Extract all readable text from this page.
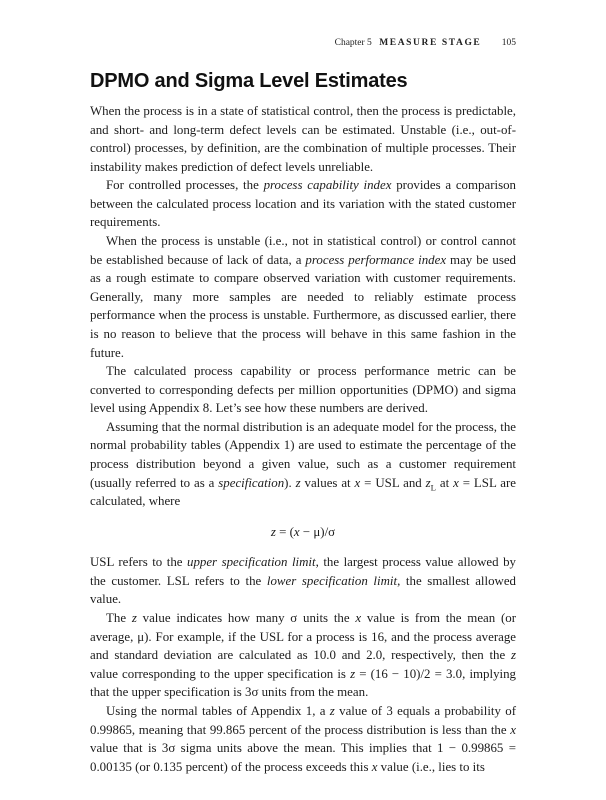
Chapter 5 MEASURE STAGE 105
DPMO and Sigma Level Estimates

When the process is in a state of statistical control, then the process is predictable, and short- and long-term defect levels can be estimated. Unstable (i.e., out-of-control) processes, by definition, are the combination of multiple processes. Their instability makes prediction of defect levels unreliable.

For controlled processes, the process capability index provides a comparison between the calculated process location and its variation with the stated customer requirements.

When the process is unstable (i.e., not in statistical control) or control cannot be established because of lack of data, a process performance index may be used as a rough estimate to compare observed variation with customer requirements. Generally, many more samples are needed to reliably estimate process performance when the process is unstable. Furthermore, as discussed earlier, there is no reason to believe that the process will behave in this same fashion in the future.

The calculated process capability or process performance metric can be converted to corresponding defects per million opportunities (DPMO) and sigma level using Appendix 8. Let’s see how these numbers are derived.

Assuming that the normal distribution is an adequate model for the process, the normal probability tables (Appendix 1) are used to estimate the percentage of the process distribution beyond a given value, such as a customer requirement (usually referred to as a specification). z values at x = USL and $z_L$ at x = LSL are calculated, where

z = (x − μ)/σ

USL refers to the upper specification limit, the largest process value allowed by the customer. LSL refers to the lower specification limit, the smallest allowed value.

The z value indicates how many σ units the x value is from the mean (or average, μ). For example, if the USL for a process is 16, and the process average and standard deviation are calculated as 10.0 and 2.0, respectively, then the z value corresponding to the upper specification is z = (16 − 10)/2 = 3.0, implying that the upper specification is 3σ units from the mean.

Using the normal tables of Appendix 1, a z value of 3 equals a probability of 0.99865, meaning that 99.865 percent of the process distribution is less than the x value that is 3σ sigma units above the mean. This implies that 1 − 0.99865 = 0.00135 (or 0.135 percent) of the process exceeds this x value (i.e., lies to its
